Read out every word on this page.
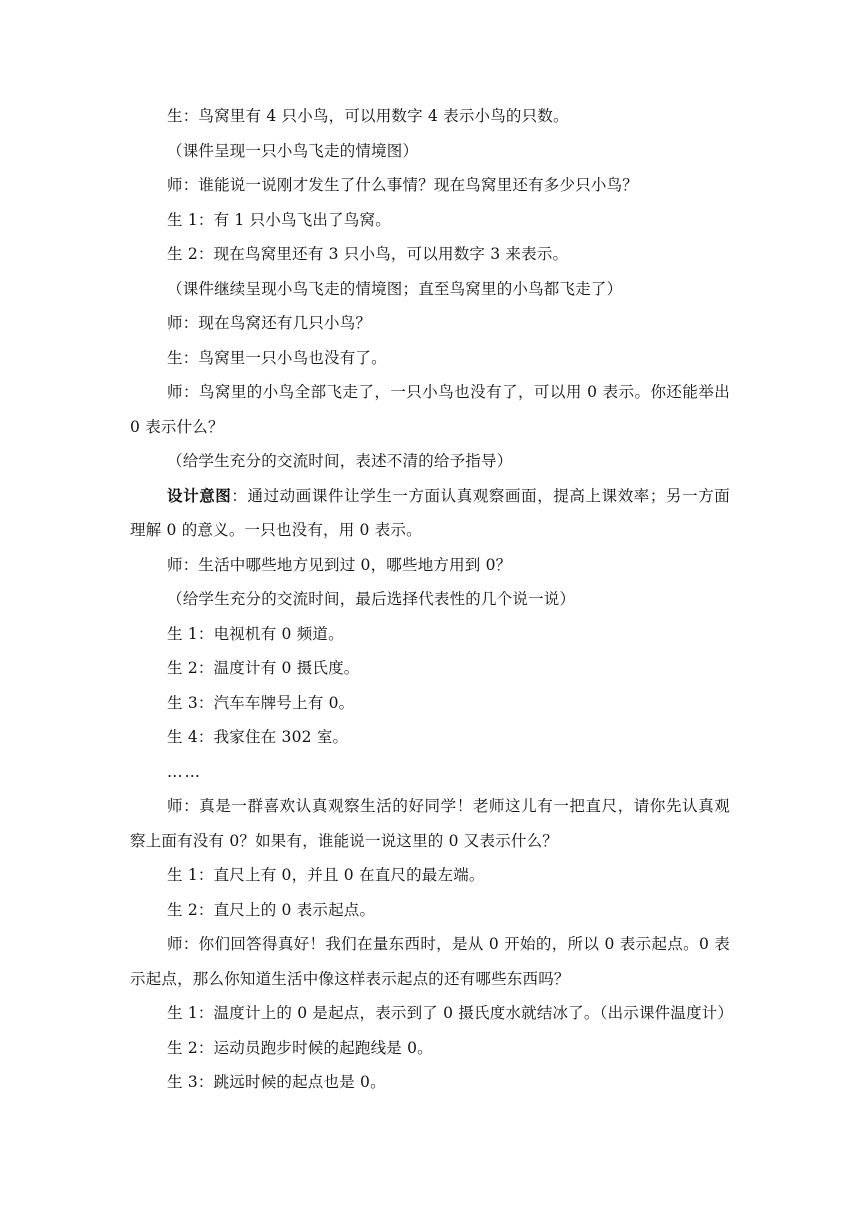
生：鸟窝里有 4 只小鸟，可以用数字 4 表示小鸟的只数。
（课件呈现一只小鸟飞走的情境图）
师：谁能说一说刚才发生了什么事情？现在鸟窝里还有多少只小鸟？
生 1：有 1 只小鸟飞出了鸟窝。
生 2：现在鸟窝里还有 3 只小鸟，可以用数字 3 来表示。
（课件继续呈现小鸟飞走的情境图；直至鸟窝里的小鸟都飞走了）
师：现在鸟窝还有几只小鸟？
生：鸟窝里一只小鸟也没有了。
师：鸟窝里的小鸟全部飞走了，一只小鸟也没有了，可以用 0 表示。你还能举出 0 表示什么？
（给学生充分的交流时间，表述不清的给予指导）
设计意图：通过动画课件让学生一方面认真观察画面，提高上课效率；另一方面理解 0 的意义。一只也没有，用 0 表示。
师：生活中哪些地方见到过 0，哪些地方用到 0？
（给学生充分的交流时间，最后选择代表性的几个说一说）
生 1：电视机有 0 频道。
生 2：温度计有 0 摄氏度。
生 3：汽车车牌号上有 0。
生 4：我家住在 302 室。
……
师：真是一群喜欢认真观察生活的好同学！老师这儿有一把直尺，请你先认真观察上面有没有 0？如果有，谁能说一说这里的 0 又表示什么？
生 1：直尺上有 0，并且 0 在直尺的最左端。
生 2：直尺上的 0 表示起点。
师：你们回答得真好！我们在量东西时，是从 0 开始的，所以 0 表示起点。0 表示起点，那么你知道生活中像这样表示起点的还有哪些东西吗？
生 1：温度计上的 0 是起点，表示到了 0 摄氏度水就结冰了。（出示课件温度计）
生 2：运动员跑步时候的起跑线是 0。
生 3：跳远时候的起点也是 0。
